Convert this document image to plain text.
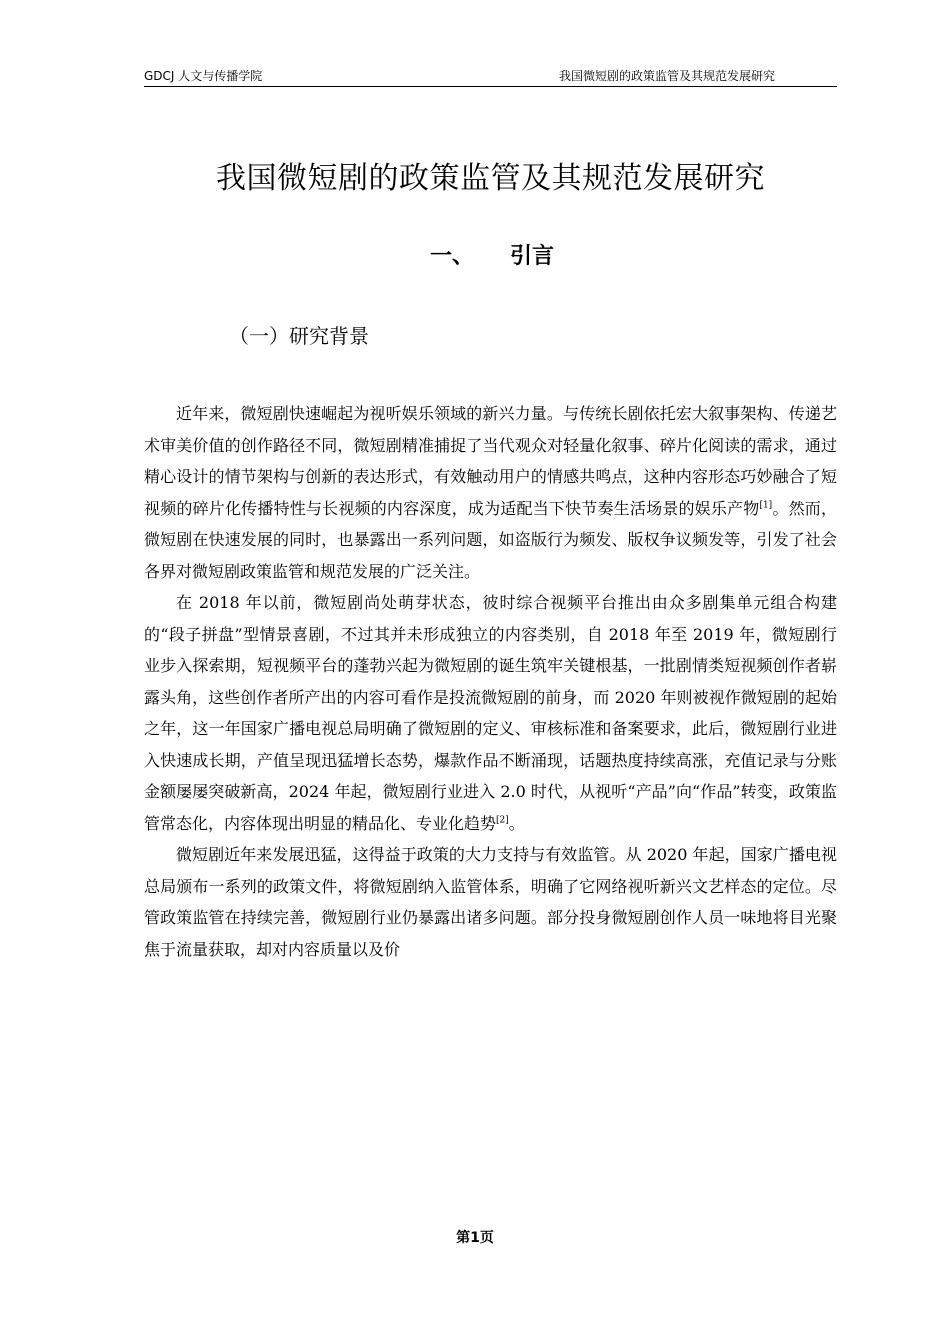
GDCJ 人文与传播学院	我国微短剧的政策监管及其规范发展研究
我国微短剧的政策监管及其规范发展研究
一、 引言
（一）研究背景

近年来，微短剧快速崛起为视听娱乐领域的新兴力量。与传统长剧依托宏大叙事架构、传递艺术审美价值的创作路径不同，微短剧精准捕捉了当代观众对轻量化叙事、碎片化阅读的需求，通过精心设计的情节架构与创新的表达形式，有效触动用户的情感共鸣点，这种内容形态巧妙融合了短视频的碎片化传播特性与长视频的内容深度，成为适配当下快节奏生活场景的娱乐产物[1]。然而，微短剧在快速发展的同时，也暴露出一系列问题，如盗版行为频发、版权争议频发等，引发了社会各界对微短剧政策监管和规范发展的广泛关注。

在 2018 年以前，微短剧尚处萌芽状态，彼时综合视频平台推出由众多剧集单元组合构建的“段子拼盘”型情景喜剧，不过其并未形成独立的内容类别，自 2018 年至 2019 年，微短剧行业步入探索期，短视频平台的蓬勃兴起为微短剧的诞生筑牢关键根基，一批剧情类短视频创作者崭露头角，这些创作者所产出的内容可看作是投流微短剧的前身，而 2020 年则被视作微短剧的起始之年，这一年国家广播电视总局明确了微短剧的定义、审核标准和备案要求，此后，微短剧行业进入快速成长期，产值呈现迅猛增长态势，爆款作品不断涌现，话题热度持续高涨，充值记录与分账金额屡屡突破新高，2024 年起，微短剧行业进入 2.0 时代，从视听“产品”向“作品”转变，政策监管常态化，内容体现出明显的精品化、专业化趋势[2]。

微短剧近年来发展迅猛，这得益于政策的大力支持与有效监管。从 2020 年起，国家广播电视总局颁布一系列的政策文件，将微短剧纳入监管体系，明确了它网络视听新兴文艺样态的定位。尽管政策监管在持续完善，微短剧行业仍暴露出诸多问题。部分投身微短剧创作人员一味地将目光聚焦于流量获取，却对内容质量以及价

第1页
